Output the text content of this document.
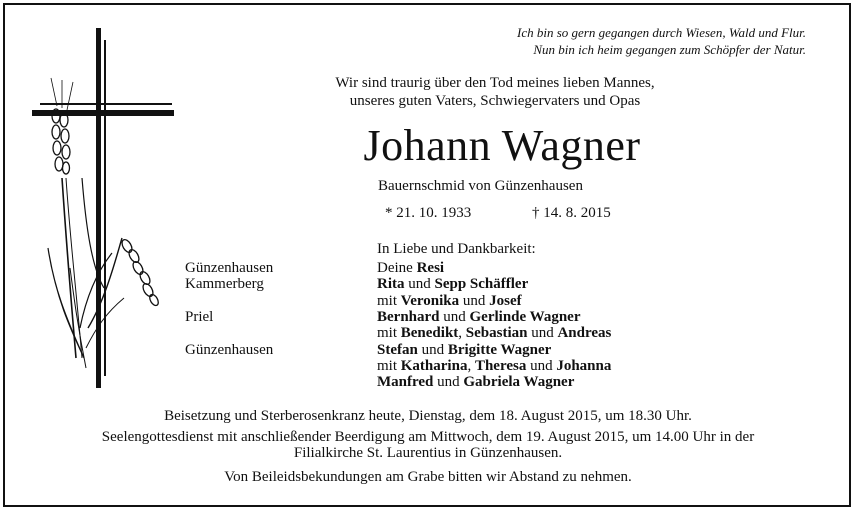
Ich bin so gern gegangen durch Wiesen, Wald und Flur.
Nun bin ich heim gegangen zum Schöpfer der Natur.
Wir sind traurig über den Tod meines lieben Mannes,
unseres guten Vaters, Schwiegervaters und Opas
Johann Wagner
Bauernschmid von Günzenhausen
* 21. 10. 1933	† 14. 8. 2015
In Liebe und Dankbarkeit:
Günzenhausen	Deine Resi
Kammerberg	Rita und Sepp Schäffler
mit Veronika und Josef
Priel	Bernhard und Gerlinde Wagner
mit Benedikt, Sebastian und Andreas
Günzenhausen	Stefan und Brigitte Wagner
mit Katharina, Theresa und Johanna
Manfred und Gabriela Wagner
Beisetzung und Sterberosenkranz heute, Dienstag, dem 18. August 2015, um 18.30 Uhr.
Seelengottesdienst mit anschließender Beerdigung am Mittwoch, dem 19. August 2015, um 14.00 Uhr in der
Filialkirche St. Laurentius in Günzenhausen.
Von Beileidsbekundungen am Grabe bitten wir Abstand zu nehmen.
